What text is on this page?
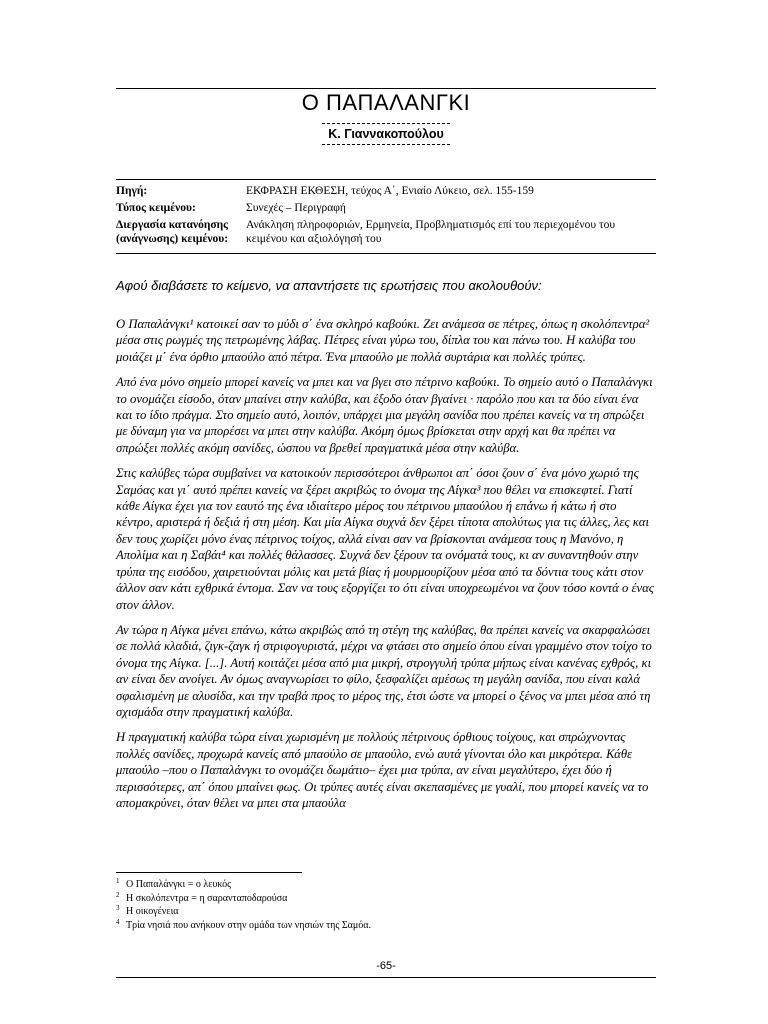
Ο ΠΑΠΑΛΑΝΓΚΙ
Κ. Γιαννακοπούλου
Πηγή:	ΕΚΦΡΑΣΗ ΕΚΘΕΣΗ, τεύχος Α΄, Ενιαίο Λύκειο, σελ. 155-159
Τύπος κειμένου:	Συνεχές – Περιγραφή
Διεργασία κατανόησης (ανάγνωσης) κειμένου:
Ανάκληση πληροφοριών, Ερμηνεία, Προβληματισμός επί του περιεχομένου του κειμένου και αξιολόγησή του
Αφού διαβάσετε το κείμενο, να απαντήσετε τις ερωτήσεις που ακολουθούν:

Ο Παπαλάνγκι¹ κατοικεί σαν το μύδι σ΄ ένα σκληρό καβούκι. Ζει ανάμεσα σε πέτρες, όπως η σκολόπεντρα² μέσα στις ρωγμές της πετρωμένης λάβας. Πέτρες είναι γύρω του, δίπλα του και πάνω του. Η καλύβα του μοιάζει μ΄ ένα όρθιο μπαούλο από πέτρα. Ένα μπαούλο με πολλά συρτάρια και πολλές τρύπες.

Από ένα μόνο σημείο μπορεί κανείς να μπει και να βγει στο πέτρινο καβούκι. Το σημείο αυτό ο Παπαλάνγκι το ονομάζει είσοδο, όταν μπαίνει στην καλύβα, και έξοδο όταν βγαίνει · παρόλο που και τα δύο είναι ένα και το ίδιο πράγμα. Στο σημείο αυτό, λοιπόν, υπάρχει μια μεγάλη σανίδα που πρέπει κανείς να τη σπρώξει με δύναμη για να μπορέσει να μπει στην καλύβα. Ακόμη όμως βρίσκεται στην αρχή και θα πρέπει να σπρώξει πολλές ακόμη σανίδες, ώσπου να βρεθεί πραγματικά μέσα στην καλύβα.

Στις καλύβες τώρα συμβαίνει να κατοικούν περισσότεροι άνθρωποι απ΄ όσοι ζουν σ΄ ένα μόνο χωριό της Σαμόας και γι΄ αυτό πρέπει κανείς να ξέρει ακριβώς το όνομα της Αίγκα³ που θέλει να επισκεφτεί. Γιατί κάθε Αίγκα έχει για τον εαυτό της ένα ιδιαίτερο μέρος του πέτρινου μπαούλου ή επάνω ή κάτω ή στο κέντρο, αριστερά ή δεξιά ή στη μέση. Και μία Αίγκα συχνά δεν ξέρει τίποτα απολύτως για τις άλλες, λες και δεν τους χωρίζει μόνο ένας πέτρινος τοίχος, αλλά είναι σαν να βρίσκονται ανάμεσα τους η Μανόνο, η Απολίμα και η Σαβάι⁴ και πολλές θάλασσες. Συχνά δεν ξέρουν τα ονόματά τους, κι αν συναντηθούν στην τρύπα της εισόδου, χαιρετιούνται μόλις και μετά βίας ή μουρμουρίζουν μέσα από τα δόντια τους κάτι στον άλλον σαν κάτι εχθρικά έντομα. Σαν να τους εξοργίζει το ότι είναι υποχρεωμένοι να ζουν τόσο κοντά ο ένας στον άλλον.

Αν τώρα η Αίγκα μένει επάνω, κάτω ακριβώς από τη στέγη της καλύβας, θα πρέπει κανείς να σκαρφαλώσει σε πολλά κλαδιά, ζιγκ-ζαγκ ή στριφογυριστά, μέχρι να φτάσει στο σημείο όπου είναι γραμμένο στον τοίχο το όνομα της Αίγκα. [...]. Αυτή κοιτάζει μέσα από μια μικρή, στρογγυλή τρύπα μήπως είναι κανένας εχθρός, κι αν είναι δεν ανοίγει. Αν όμως αναγνωρίσει το φίλο, ξεσφαλίζει αμέσως τη μεγάλη σανίδα, που είναι καλά σφαλισμένη με αλυσίδα, και την τραβά προς το μέρος της, έτσι ώστε να μπορεί ο ξένος να μπει μέσα από τη σχισμάδα στην πραγματική καλύβα.

Η πραγματική καλύβα τώρα είναι χωρισμένη με πολλούς πέτρινους όρθιους τοίχους, και σπρώχνοντας πολλές σανίδες, προχωρά κανείς από μπαούλο σε μπαούλο, ενώ αυτά γίνονται όλο και μικρότερα. Κάθε μπαούλο –που ο Παπαλάνγκι το ονομάζει δωμάτιο– έχει μια τρύπα, αν είναι μεγαλύτερο, έχει δύο ή περισσότερες, απ΄ όπου μπαίνει φως. Οι τρύπες αυτές είναι σκεπασμένες με γυαλί, που μπορεί κανείς να το απομακρύνει, όταν θέλει να μπει στα μπαούλα

1 Ο Παπαλάνγκι = ο λευκός
2 Η σκολόπεντρα = η σαρανταποδαρούσα
3 Η οικογένεια
4 Τρία νησιά που ανήκουν στην ομάδα των νησιών της Σαμόα.
-65-
